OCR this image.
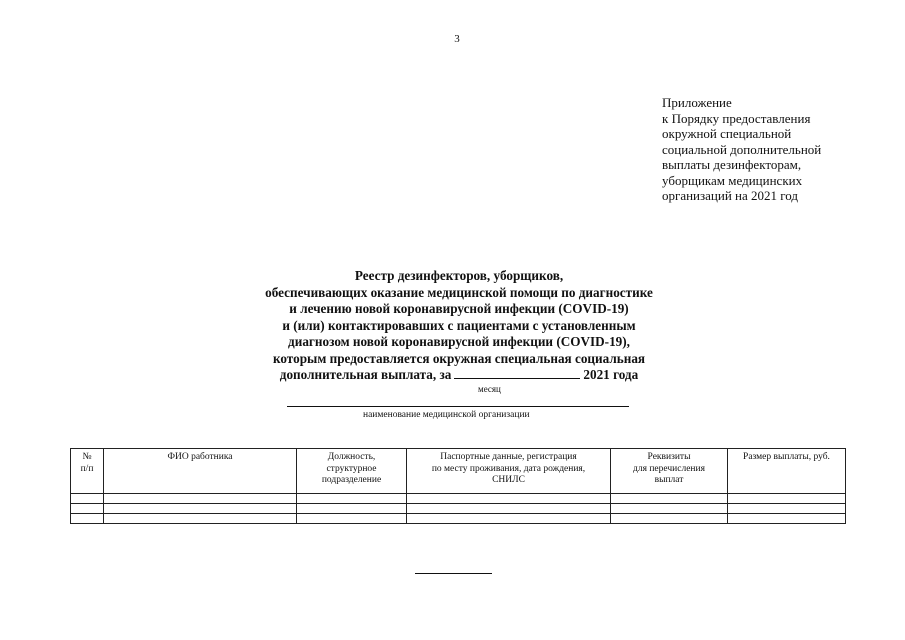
3
Приложение
к Порядку предоставления
окружной специальной
социальной дополнительной
выплаты дезинфекторам,
уборщикам медицинских
организаций на 2021 год
Реестр дезинфекторов, уборщиков,
обеспечивающих оказание медицинской помощи по диагностике
и лечению новой коронавирусной инфекции (COVID-19)
и (или) контактировавших с пациентами с установленным
диагнозом новой коронавирусной инфекции (COVID-19),
которым предоставляется окружная специальная социальная
дополнительная выплата, за	2021 года
месяц
наименование медицинской организации
№
п/п	ФИО работника	Должность,
структурное
подразделение	Паспортные данные, регистрация
по месту проживания, дата рождения,
СНИЛС	Реквизиты
для перечисления
выплат	Размер выплаты, руб.
